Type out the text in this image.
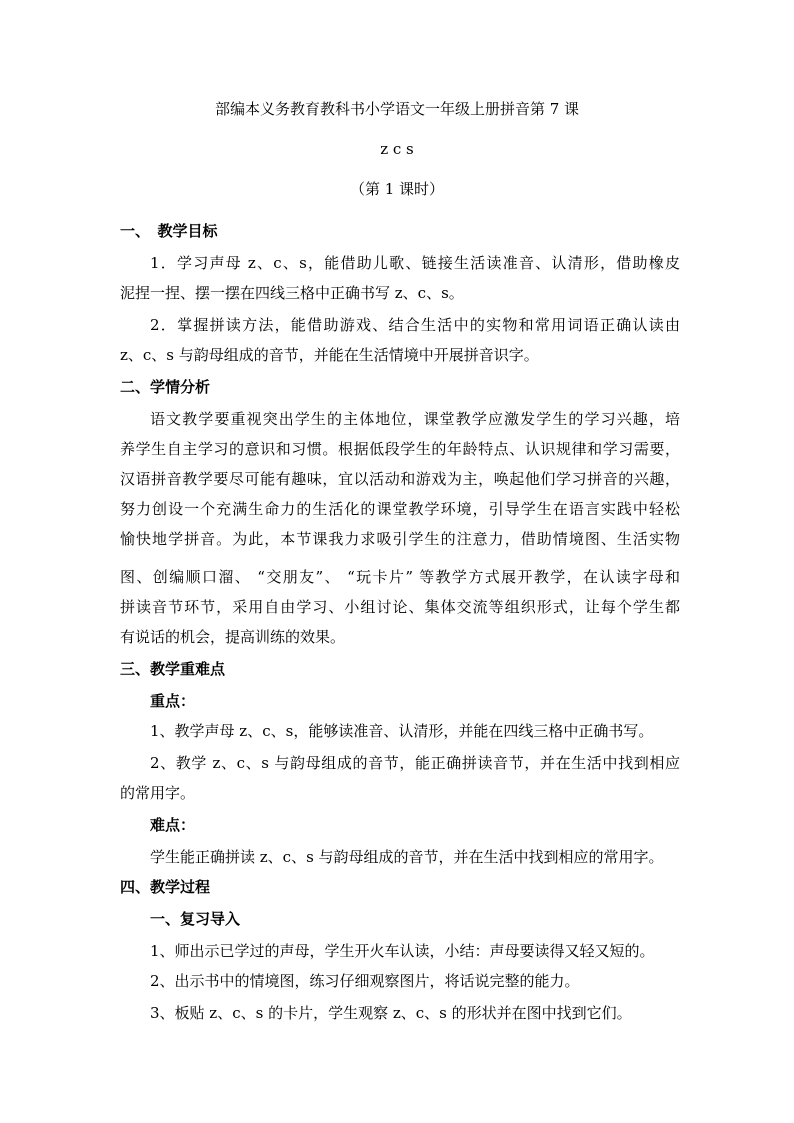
部编本义务教育教科书小学语文一年级上册拼音第 7 课
z c s
（第 1 课时）
一、　教学目标
1．学习声母 z、c、s，能借助儿歌、链接生活读准音、认清形，借助橡皮
泥捏一捏、摆一摆在四线三格中正确书写 z、c、s。
2．掌握拼读方法，能借助游戏、结合生活中的实物和常用词语正确认读由
z、c、s 与韵母组成的音节，并能在生活情境中开展拼音识字。
二、学情分析
语文教学要重视突出学生的主体地位，课堂教学应激发学生的学习兴趣，培
养学生自主学习的意识和习惯。根据低段学生的年龄特点、认识规律和学习需要，
汉语拼音教学要尽可能有趣味，宜以活动和游戏为主，唤起他们学习拼音的兴趣，
努力创设一个充满生命力的生活化的课堂教学环境，引导学生在语言实践中轻松
愉快地学拼音。为此，本节课我力求吸引学生的注意力，借助情境图、生活实物
图、创编顺口溜、 “交朋友”、 “玩卡片” 等教学方式展开教学，在认读字母和
拼读音节环节，采用自由学习、小组讨论、集体交流等组织形式，让每个学生都
有说话的机会，提高训练的效果。
三、教学重难点
重点：
1、教学声母 z、c、s，能够读准音、认清形，并能在四线三格中正确书写。
2、教学 z、c、s 与韵母组成的音节，能正确拼读音节，并在生活中找到相应
的常用字。
难点：
学生能正确拼读 z、c、s 与韵母组成的音节，并在生活中找到相应的常用字。
四、教学过程
一、复习导入
1、师出示已学过的声母，学生开火车认读，小结：声母要读得又轻又短的。
2、出示书中的情境图，练习仔细观察图片，将话说完整的能力。
3、板贴 z、c、s 的卡片，学生观察 z、c、s 的形状并在图中找到它们。
